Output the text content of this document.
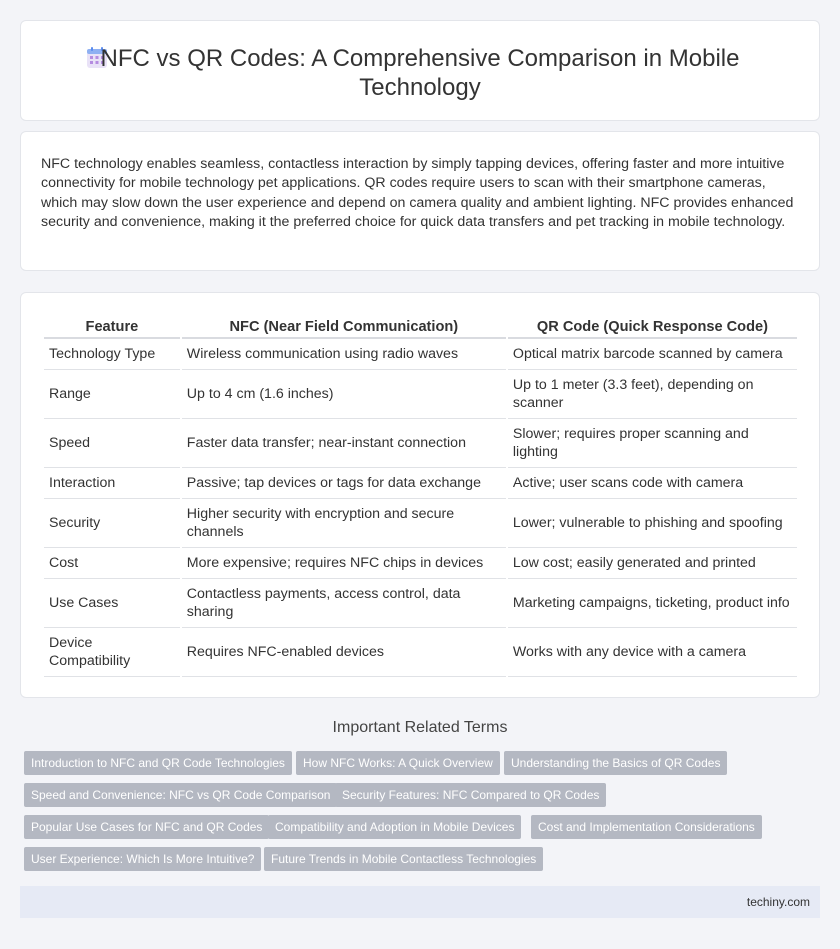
NFC vs QR Codes: A Comprehensive Comparison in Mobile
Technology

NFC technology enables seamless, contactless interaction by simply tapping devices, offering faster and more intuitive connectivity for mobile technology pet applications. QR codes require users to scan with their smartphone cameras, which may slow down the user experience and depend on camera quality and ambient lighting. NFC provides enhanced security and convenience, making it the preferred choice for quick data transfers and pet tracking in mobile technology.

Feature	NFC (Near Field Communication)	QR Code (Quick Response Code)
Technology Type	Wireless communication using radio waves	Optical matrix barcode scanned by camera
Range	Up to 4 cm (1.6 inches)	Up to 1 meter (3.3 feet), depending on scanner
Speed	Faster data transfer; near-instant connection	Slower; requires proper scanning and lighting
Interaction	Passive; tap devices or tags for data exchange	Active; user scans code with camera
Security	Higher security with encryption and secure channels	Lower; vulnerable to phishing and spoofing
Cost	More expensive; requires NFC chips in devices	Low cost; easily generated and printed
Use Cases	Contactless payments, access control, data sharing	Marketing campaigns, ticketing, product info
Device Compatibility	Requires NFC-enabled devices	Works with any device with a camera
Important Related Terms
Introduction to NFC and QR Code Technologies	How NFC Works: A Quick Overview	Understanding the Basics of QR Codes
Speed and Convenience: NFC vs QR Code Comparison Security Features: NFC Compared to QR Codes
Popular Use Cases for NFC and QR Codes	Compatibility and Adoption in Mobile Devices	Cost and Implementation Considerations
User Experience: Which Is More Intuitive?	Future Trends in Mobile Contactless Technologies
techiny.com
